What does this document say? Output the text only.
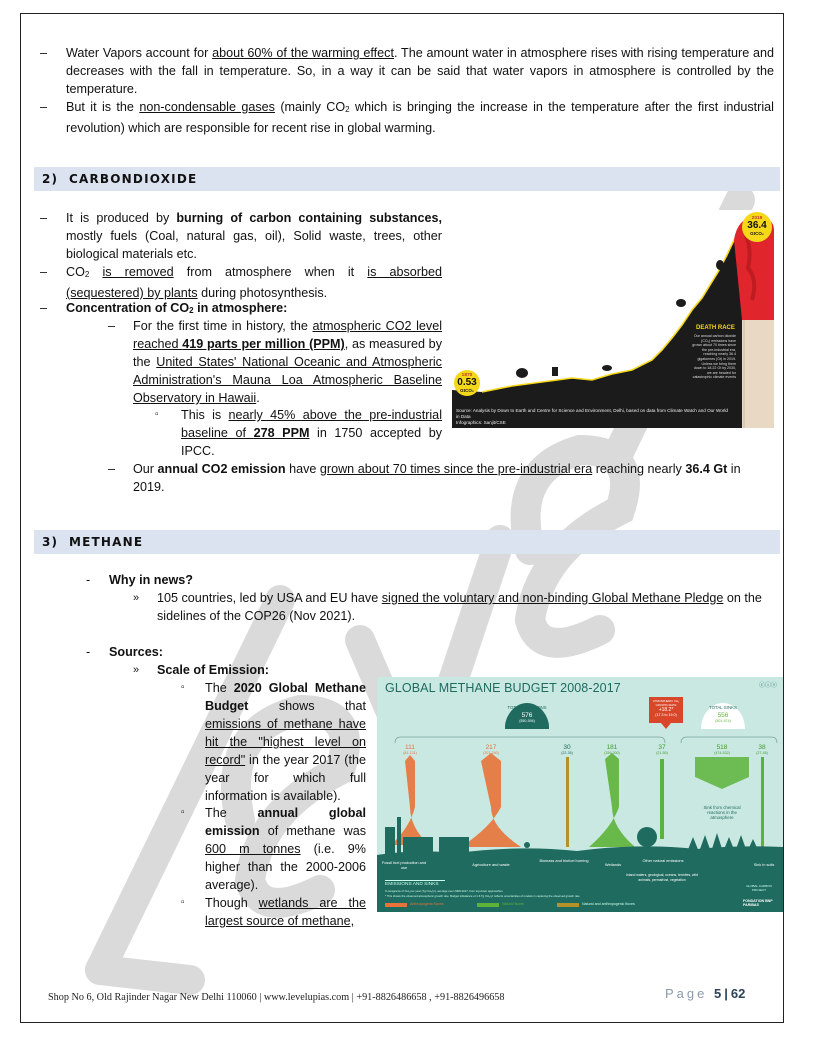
– Water Vapors account for about 60% of the warming effect. The amount water in atmosphere rises with rising temperature and decreases with the fall in temperature. So, in a way it can be said that water vapors in atmosphere is controlled by the temperature.
– But it is the non-condensable gases (mainly $CO_2$ which is bringing the increase in the temperature after the first industrial revolution) which are responsible for recent rise in global warming.
2) CARBONDIOXIDE
– It is produced by burning of carbon containing substances, mostly fuels (Coal, natural gas, oil), Solid waste, trees, other biological materials etc.
– $CO_2$ is removed from atmosphere when it is absorbed (sequestered) by plants during photosynthesis.
– Concentration of $CO_2$ in atmosphere:
– For the first time in history, the atmospheric CO2 level reached 419 parts per million (PPM), as measured by the United States' National Oceanic and Atmospheric Administration's Mauna Loa Atmospheric Baseline Observatory in Hawaii.
▫ This is nearly 45% above the pre-industrial baseline of 278 PPM in 1750 accepted by IPCC.
– Our annual CO2 emission have grown about 70 times since the pre-industrial era reaching nearly 36.4 Gt in 2019.
1870
0.53
GtCO₂
2019
36.4
GtCO₂
DEATH RACE
Our annual carbon dioxide (CO₂) emissions have grown about 70 times since the pre-industrial era, reaching nearly 36.4 gigatonnes (Gt) in 2019. Unless we bring them down to 18.22 Gt by 2030, we are headed for catastrophic climate events
Source: Analysis by Down to Earth and Centre for Science and Environment, Delhi, based on data from Climate Watch and Our World in Data
Infographics: Sanjit/CSE
3) METHANE
- Why in news?
» 105 countries, led by USA and EU have signed the voluntary and non-binding Global Methane Pledge on the sidelines of the COP26 (Nov 2021).
- Sources:
» Scale of Emission:
▫ The 2020 Global Methane Budget shows that emissions of methane have hit the "highest level on record" in the year 2017 (the year for which full information is available).
▫ The annual global emission of methane was 600 m tonnes (i.e. 9% higher than the 2000-2006 average).
▫ Though wetlands are the largest source of methane,
GLOBAL METHANE BUDGET 2008-2017	ⓒⓘⓢ
TOTAL EMISSIONS
576
(550-594)
ATMOSPHERIC CH₄ GROWTH RATE
+18.2*
(17.3 to 19.0)
TOTAL SINKS
556
(501-574)
111
(81-131)
217
(207-240)
30
(22-36)
181
(159-200)
37
(21-50)
518
(474-532)
38
(27-45)
Sink from chemical reactions in the atmosphere
Fossil fuel production and use
Agriculture and waste
Biomass and biofuel burning
Wetlands
Other natural emissions
Inland waters, geological, oceans, termites, wild animals, permafrost, vegetation
Sink in soils
EMISSIONS AND SINKS
In teragrams of CH₄ per year (Tg CH₄/yr), average over 2008-2017, from top-down approaches
* This shows the observed atmospheric growth rate. Budget imbalance of 1.6 Tg CH₄/yr reflects uncertainties of models in capturing the observed growth rate
Anthropogenic fluxes	Natural fluxes	Natural and anthropogenic fluxes
GLOBAL CARBON PROJECT
FONDATION BNP PARIBAS
Shop No 6, Old Rajinder Nagar New Delhi 110060 | www.levelupias.com | +91-8826486658 , +91-8826496658	Page 5 | 62
